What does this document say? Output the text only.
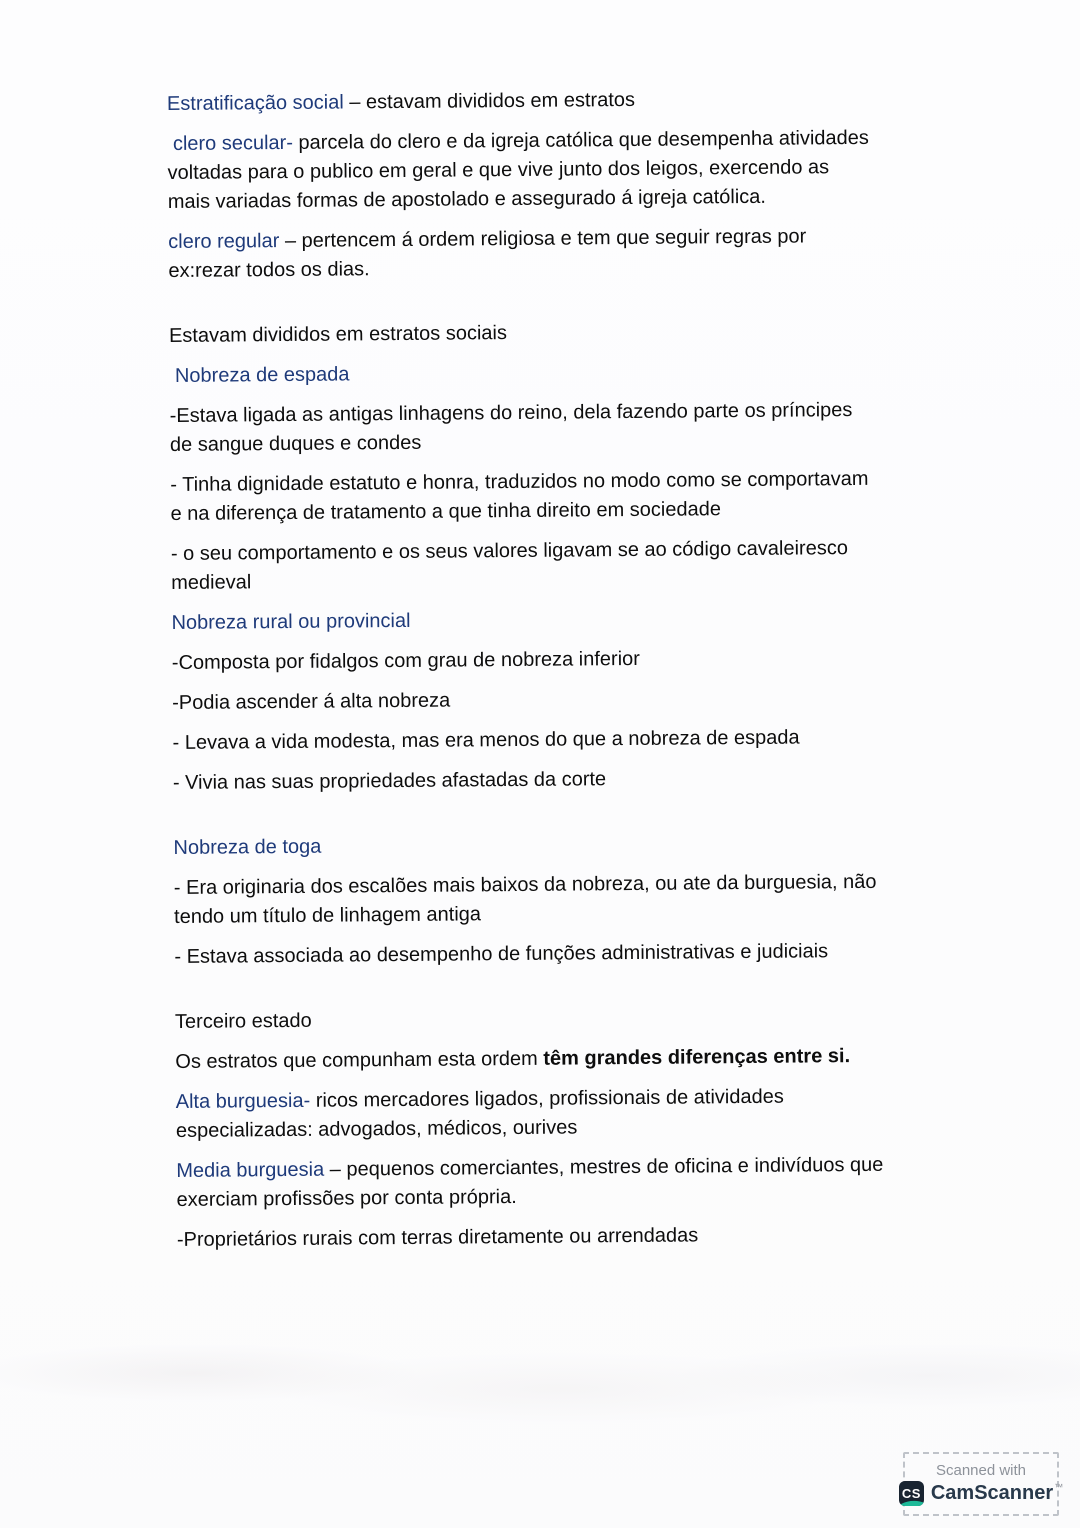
Estratificação social – estavam divididos em estratos

clero secular- parcela do clero e da igreja católica que desempenha atividades
voltadas para o publico em geral e que vive junto dos leigos, exercendo as
mais variadas formas de apostolado e assegurado á igreja católica.

clero regular – pertencem á ordem religiosa e tem que seguir regras por
ex:rezar todos os dias.

Estavam divididos em estratos sociais

Nobreza de espada

-Estava ligada as antigas linhagens do reino, dela fazendo parte os príncipes
de sangue duques e condes

- Tinha dignidade estatuto e honra, traduzidos no modo como se comportavam
e na diferença de tratamento a que tinha direito em sociedade

- o seu comportamento e os seus valores ligavam se ao código cavaleiresco
medieval

Nobreza rural ou provincial

-Composta por fidalgos com grau de nobreza inferior

-Podia ascender á alta nobreza

- Levava a vida modesta, mas era menos do que a nobreza de espada

- Vivia nas suas propriedades afastadas da corte

Nobreza de toga

- Era originaria dos escalões mais baixos da nobreza, ou ate da burguesia, não
tendo um título de linhagem antiga

- Estava associada ao desempenho de funções administrativas e judiciais

Terceiro estado

Os estratos que compunham esta ordem têm grandes diferenças entre si.

Alta burguesia- ricos mercadores ligados, profissionais de atividades
especializadas: advogados, médicos, ourives

Media burguesia – pequenos comerciantes, mestres de oficina e indivíduos que
exerciam profissões por conta própria.

-Proprietários rurais com terras diretamente ou arrendadas

Scanned with
CS CamScanner ™
